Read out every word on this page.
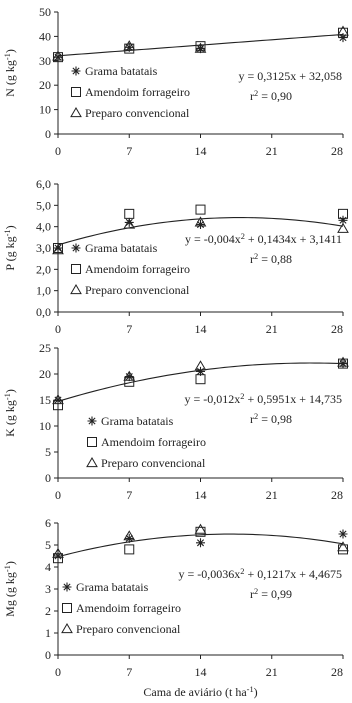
0
10
20
30
40
50
0	7	14	21	28
N (g $kg^{-1}$)
Grama batatais
Amendoim forrageiro
Preparo convencional
y = 0,3125x + 32,058
$r^2 = 0,90$
0,0
1,0
2,0
3,0
4,0
5,0
6,0
0	7	14	21	28
P (g $kg^{-1}$)
Grama batatais
Amendoim forrageiro
Preparo convencional
$y = -0,004x^2 + 0,1434x + 3,1411$
$r^2 = 0,88$
0
5
10
15
20
25
0	7	14	21	28
K (g $kg^{-1}$)
Grama batatais
Amendoim forrageiro
Preparo convencional
$y = -0,012x^2 + 0,5951x + 14,735$
$r^2 = 0,98$
0
1
2
3
4
5
6
0	7	14	21	28
Mg (g $kg^{-1}$)
Grama batatais
Amendoim forrageiro
Preparo convencional
$y = -0,0036x^2 + 0,1217x + 4,4675$
$r^2 = 0,99$
Cama de aviário (t $ha^{-1}$)
